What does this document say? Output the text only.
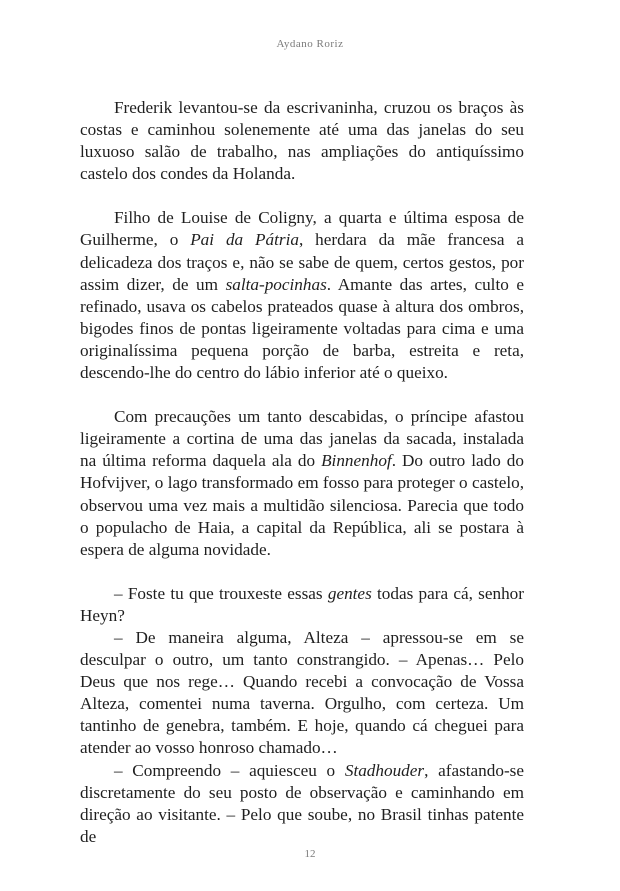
Aydano Roriz

Frederik levantou-se da escrivaninha, cruzou os braços às costas e caminhou solenemente até uma das janelas do seu luxuoso salão de trabalho, nas ampliações do antiquíssimo castelo dos condes da Holanda.

Filho de Louise de Coligny, a quarta e última esposa de Guilherme, o Pai da Pátria, herdara da mãe francesa a delicadeza dos traços e, não se sabe de quem, certos gestos, por assim dizer, de um salta-pocinhas. Amante das artes, culto e refinado, usava os cabelos prateados quase à altura dos ombros, bigodes finos de pontas ligeiramente voltadas para cima e uma originalíssima pequena porção de barba, estreita e reta, descendo-lhe do centro do lábio inferior até o queixo.

Com precauções um tanto descabidas, o príncipe afastou ligeiramente a cortina de uma das janelas da sacada, instalada na última reforma daquela ala do Binnenhof. Do outro lado do Hofvijver, o lago transformado em fosso para proteger o castelo, observou uma vez mais a multidão silenciosa. Parecia que todo o populacho de Haia, a capital da República, ali se postara à espera de alguma novidade.

– Foste tu que trouxeste essas gentes todas para cá, senhor Heyn?

– De maneira alguma, Alteza – apressou-se em se desculpar o outro, um tanto constrangido. – Apenas… Pelo Deus que nos rege… Quando recebi a convocação de Vossa Alteza, comentei numa taverna. Orgulho, com certeza. Um tantinho de genebra, também. E hoje, quando cá cheguei para atender ao vosso honroso chamado…

– Compreendo – aquiesceu o Stadhouder, afastando-se discretamente do seu posto de observação e caminhando em direção ao visitante. – Pelo que soube, no Brasil tinhas patente de

12
